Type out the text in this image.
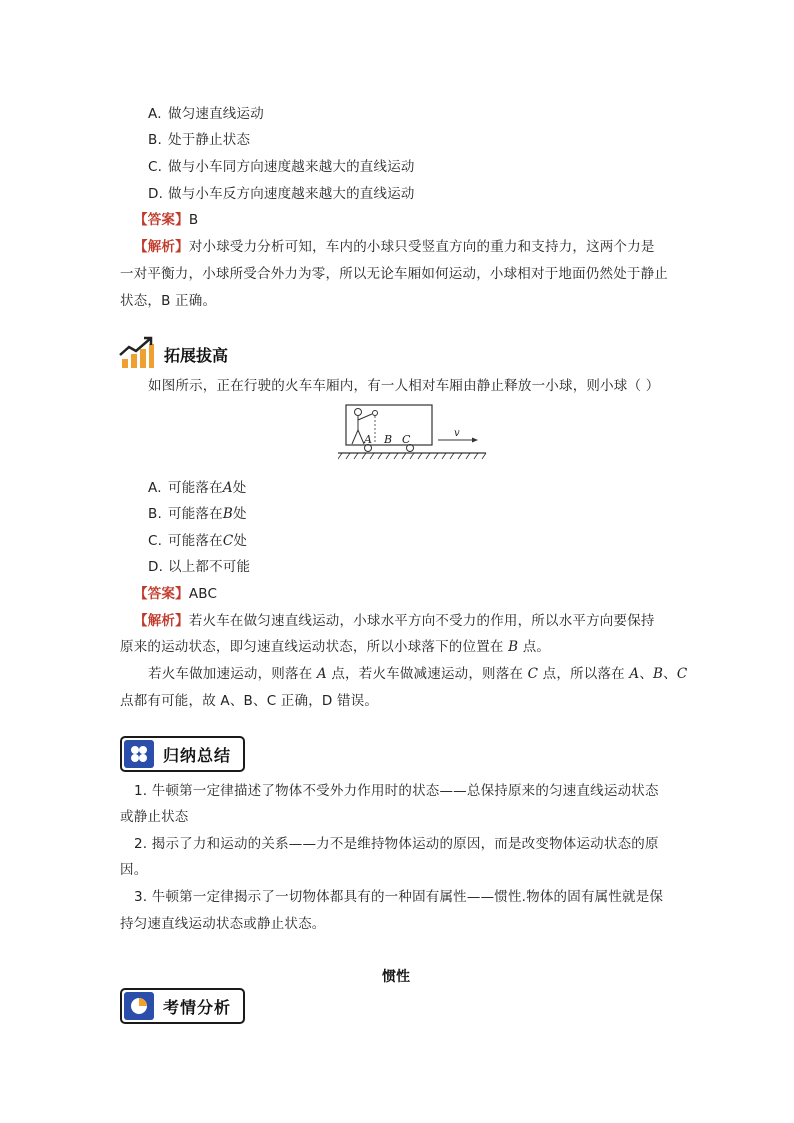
A. 做匀速直线运动
B. 处于静止状态
C. 做与小车同方向速度越来越大的直线运动
D. 做与小车反方向速度越来越大的直线运动
【答案】B
【解析】对小球受力分析可知，车内的小球只受竖直方向的重力和支持力，这两个力是
一对平衡力，小球所受合外力为零，所以无论车厢如何运动，小球相对于地面仍然处于静止
状态，B 正确。
拓展拔高
如图所示，正在行驶的火车车厢内，有一人相对车厢由静止释放一小球，则小球（ ）
A B C	v
A. 可能落在A处
B. 可能落在B处
C. 可能落在C处
D. 以上都不可能
【答案】ABC
【解析】若火车在做匀速直线运动，小球水平方向不受力的作用，所以水平方向要保持
原来的运动状态，即匀速直线运动状态，所以小球落下的位置在 B 点。
若火车做加速运动，则落在 A 点，若火车做减速运动，则落在 C 点，所以落在 A、B、C
点都有可能，故 A、B、C 正确，D 错误。
归纳总结
1. 牛顿第一定律描述了物体不受外力作用时的状态——总保持原来的匀速直线运动状态
或静止状态
2. 揭示了力和运动的关系——力不是维持物体运动的原因，而是改变物体运动状态的原
因。
3. 牛顿第一定律揭示了一切物体都具有的一种固有属性——惯性.物体的固有属性就是保
持匀速直线运动状态或静止状态。
惯性
考情分析
